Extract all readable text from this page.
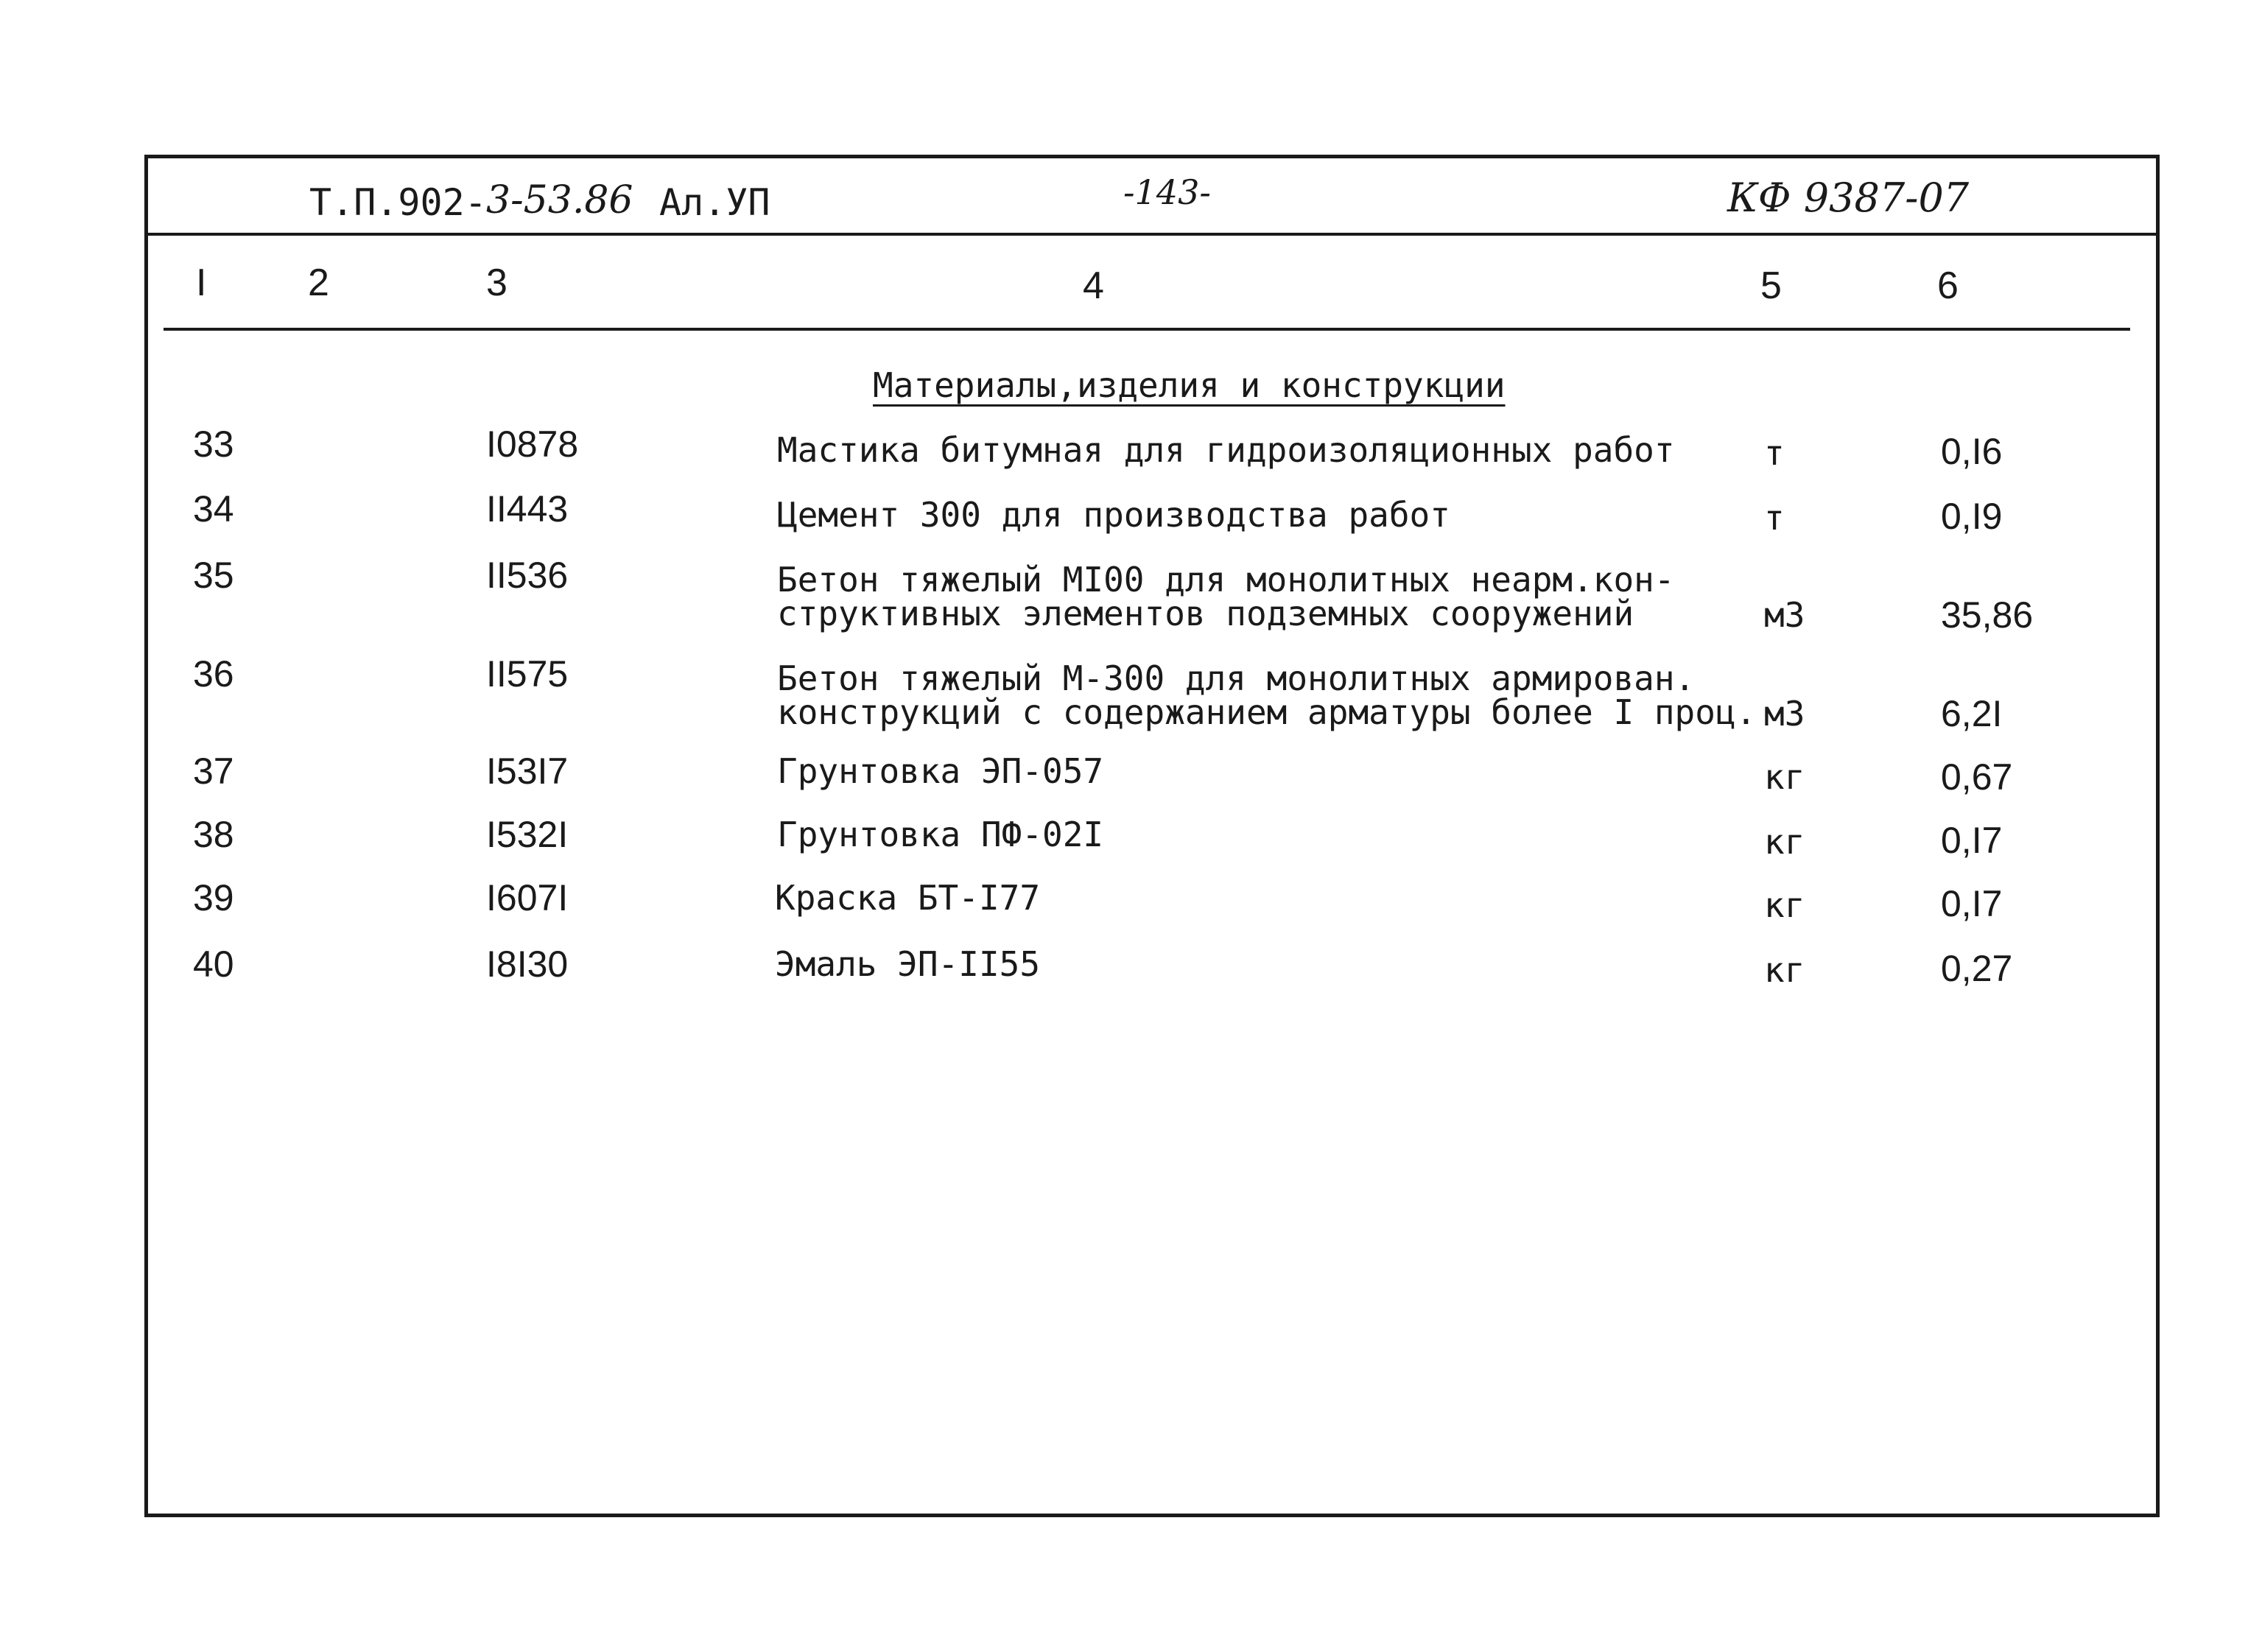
Т.П.902- 3-53.86 Ал.УП	-143-	КФ 9387-07
I	2	3	4	5	6
Материалы,изделия и конструкции
33	I0878	Мастика битумная для гидроизоляционных работ	т	0,I6
34	II443	Цемент 300 для производства работ	т	0,I9
35	II536	Бетон тяжелый МI00 для монолитных неарм.кон-
структивных элементов подземных сооружений	м3	35,86
36	II575	Бетон тяжелый М-300 для монолитных армирован.
конструкций с содержанием арматуры более I проц. м3	6,2I
37	I53I7	Грунтовка ЭП-057	кг	0,67
38	I532I	Грунтовка ПФ-02I	кг	0,I7
39	I607I	Краска БТ-I77	кг	0,I7
40	I8I30	Эмаль ЭП-II55	кг	0,27
